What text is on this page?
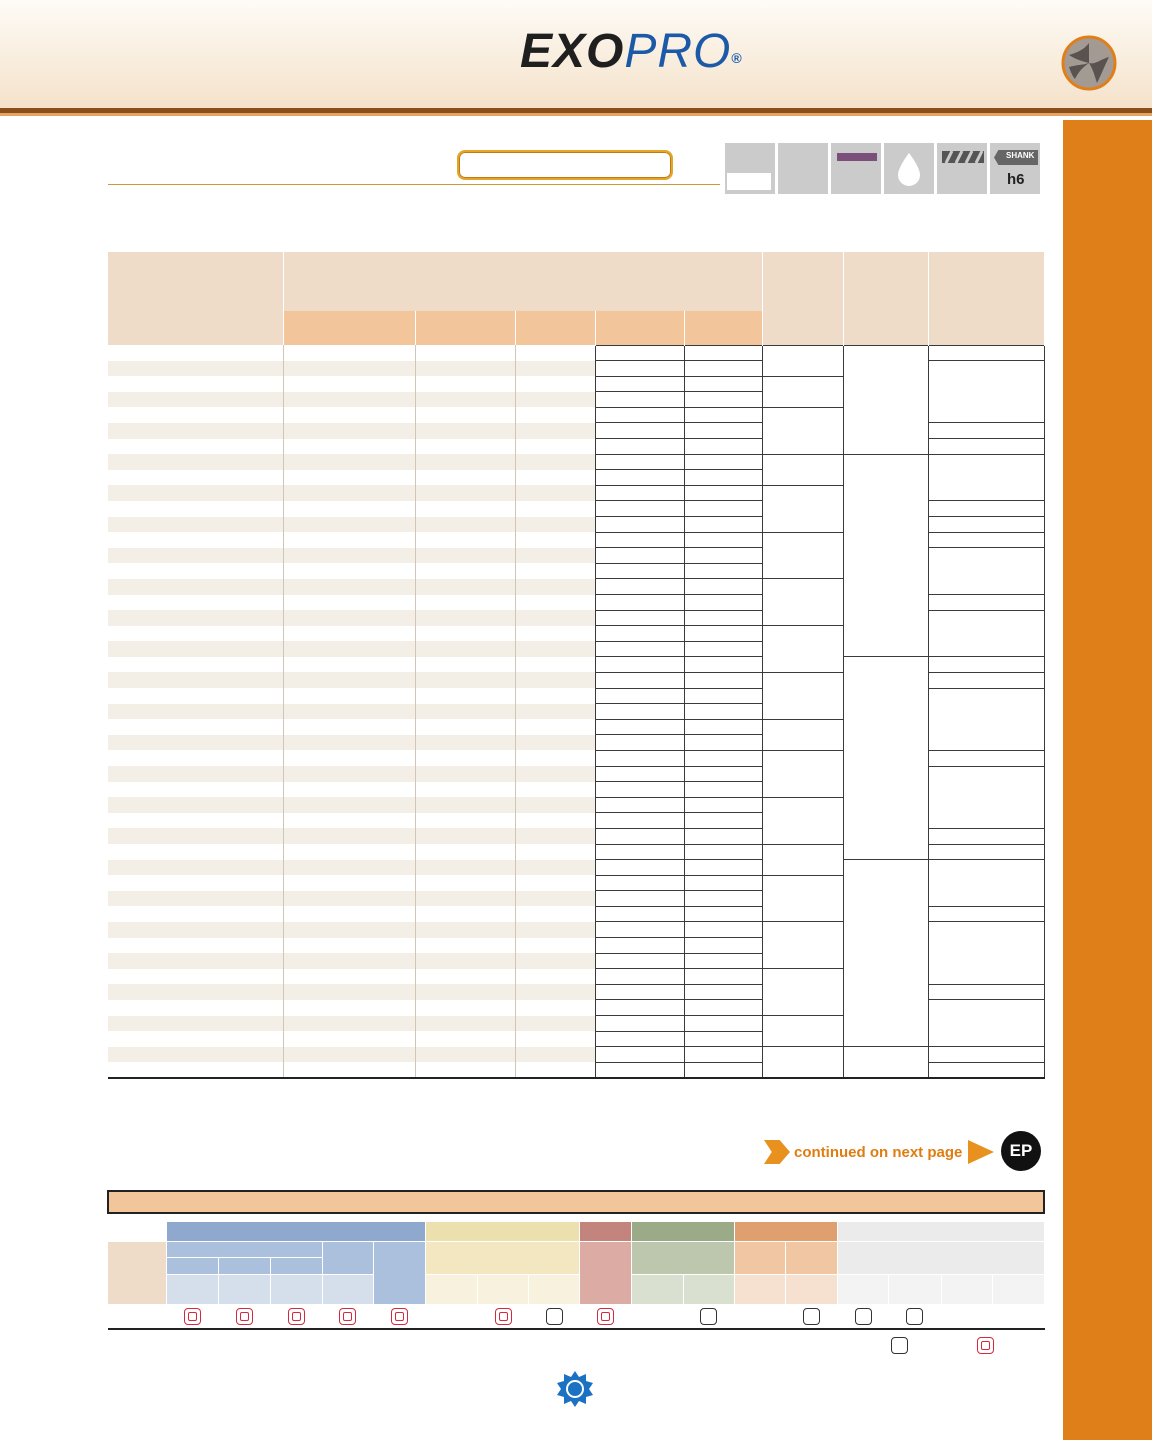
EXOPRO®
SHANK
h6

continued on next page	EP
